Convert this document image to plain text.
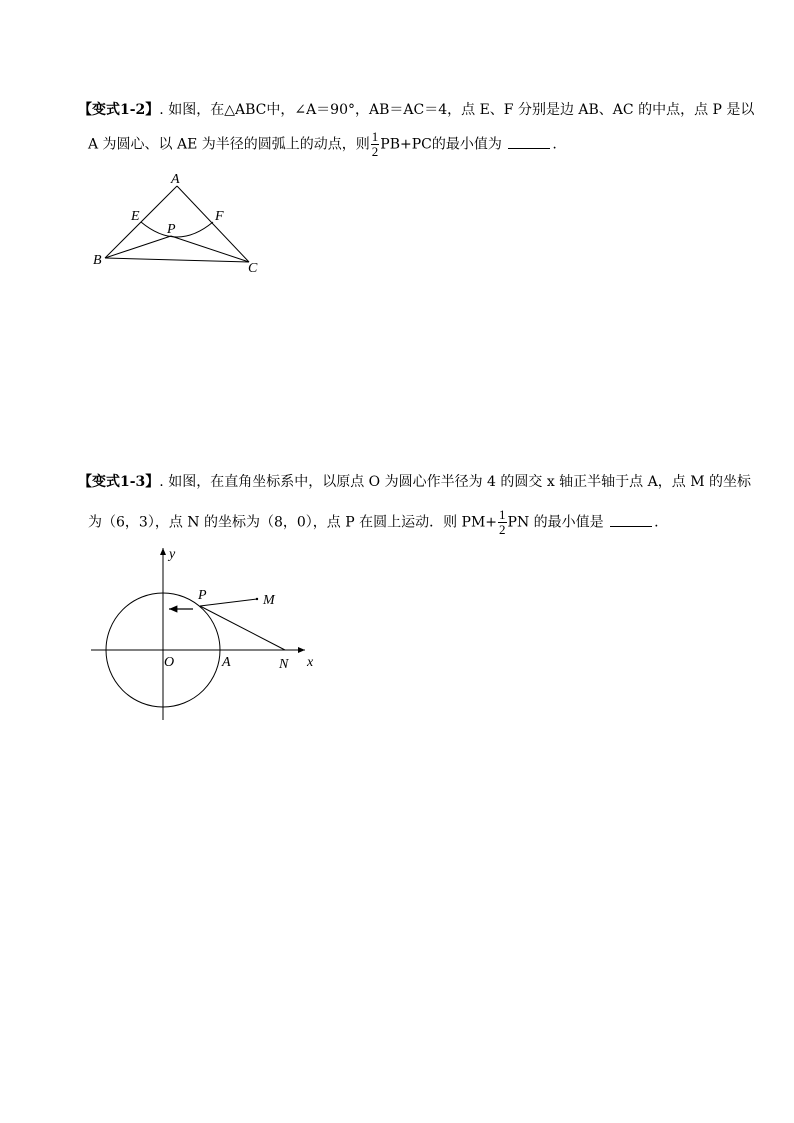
【变式1-2】. 如图，在△ABC中，∠A＝90°，AB＝AC＝4，点 E、F 分别是边 AB、AC 的中点，点 P 是以
A 为圆心、以 AE 为半径的圆弧上的动点，则 $\frac{1}{2} PB+PC$的最小值为	.
A
E	F
P
B
C
【变式1-3】. 如图，在直角坐标系中，以原点 O 为圆心作半径为 4 的圆交 x 轴正半轴于点 A，点 M 的坐标
为（6，3），点 N 的坐标为（8，0），点 P 在圆上运动．则 $PM+ \frac{1}{2}$ PN 的最小值是	.
y
x
O	A	N
P	M
